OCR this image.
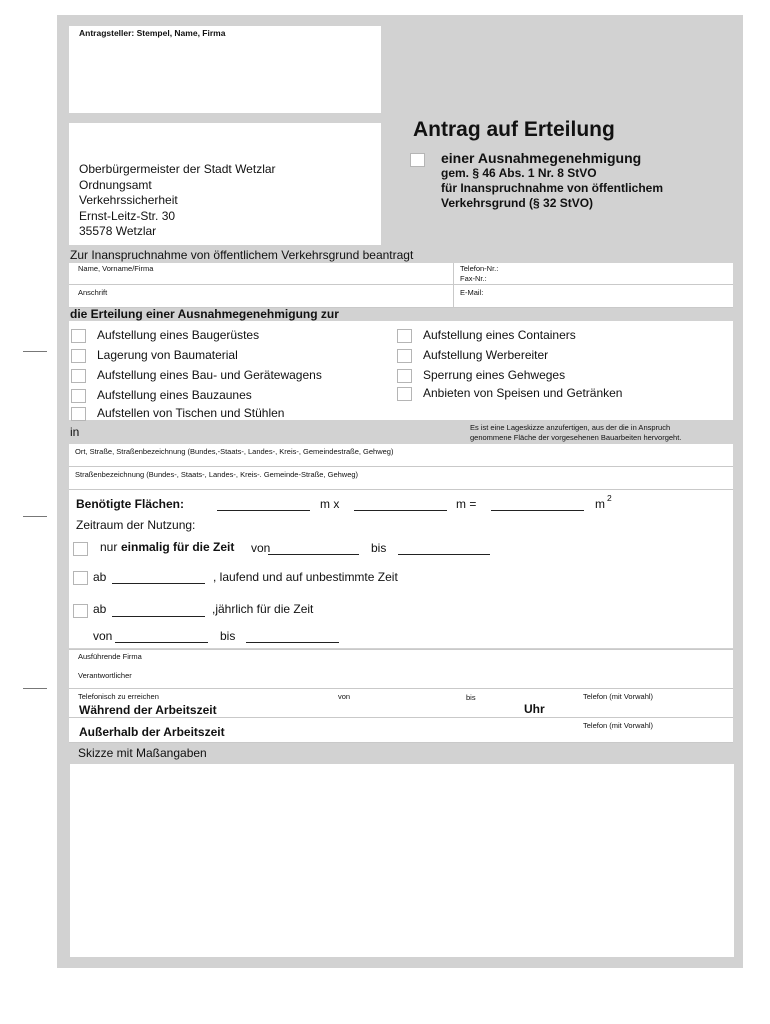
Antragsteller: Stempel, Name, Firma
Oberbürgermeister der Stadt Wetzlar
Ordnungsamt
Verkehrssicherheit
Ernst-Leitz-Str. 30
35578 Wetzlar
Antrag auf Erteilung
einer Ausnahmegenehmigung
gem. § 46 Abs. 1 Nr. 8 StVO
für Inanspruchnahme von öffentlichem
Verkehrsgrund (§ 32 StVO)
Zur Inanspruchnahme von öffentlichem Verkehrsgrund beantragt
Name, Vorname/Firma	Telefon-Nr.:
Fax-Nr.:
Anschrift	E-Mail:
die Erteilung einer Ausnahmegenehmigung zur
Aufstellung eines Baugerüstes
Lagerung von Baumaterial
Aufstellung eines Bau- und Gerätewagens
Aufstellung eines Bauzaunes
Aufstellen von Tischen und Stühlen
Aufstellung eines Containers
Aufstellung Werbereiter
Sperrung eines Gehweges
Anbieten von Speisen und Getränken
in	Es ist eine Lageskizze anzufertigen, aus der die in Anspruch
genommene Fläche der vorgesehenen Bauarbeiten hervorgeht.
Ort, Straße, Straßenbezeichnung (Bundes,-Staats-, Landes-, Kreis-, Gemeindestraße, Gehweg)
Straßenbezeichnung (Bundes-, Staats-, Landes-, Kreis-. Gemeinde-Straße, Gehweg)
Benötigte Flächen:	m x	m =	m 2
Zeitraum der Nutzung:
nur einmalig für die Zeit von	bis
ab	, laufend und auf unbestimmte Zeit
ab	,jährlich für die Zeit
von	bis
Ausführende Firma
Verantwortlicher
Telefonisch zu erreichen	von	bis	Telefon (mit Vorwahl)
Während der Arbeitszeit	Uhr
Außerhalb der Arbeitszeit	Telefon (mit Vorwahl)
Skizze mit Maßangaben
